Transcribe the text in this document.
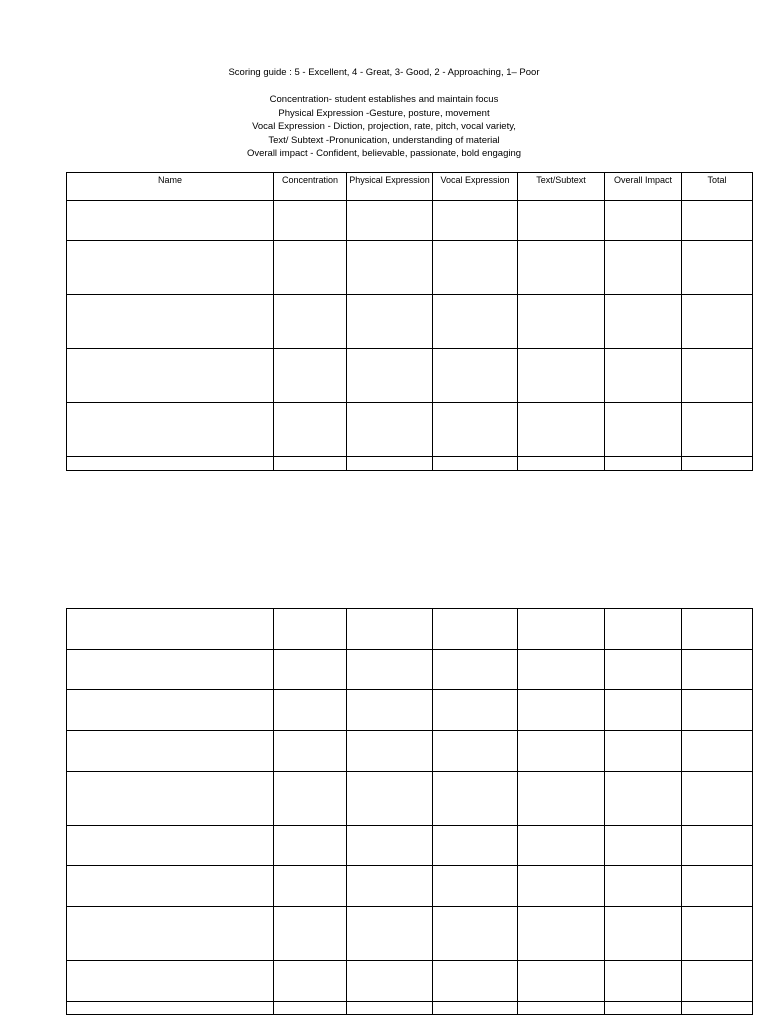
Scoring guide : 5 - Excellent, 4 - Great, 3- Good, 2 - Approaching, 1– Poor
Concentration- student establishes and maintain focus
Physical Expression -Gesture, posture, movement
Vocal Expression - Diction, projection, rate, pitch, vocal variety,
Text/ Subtext -Pronunication, understanding of material
Overall impact - Confident, believable, passionate, bold engaging
Name	Concentration	Physical Expression	Vocal Expression	Text/Subtext	Overall Impact	Total
